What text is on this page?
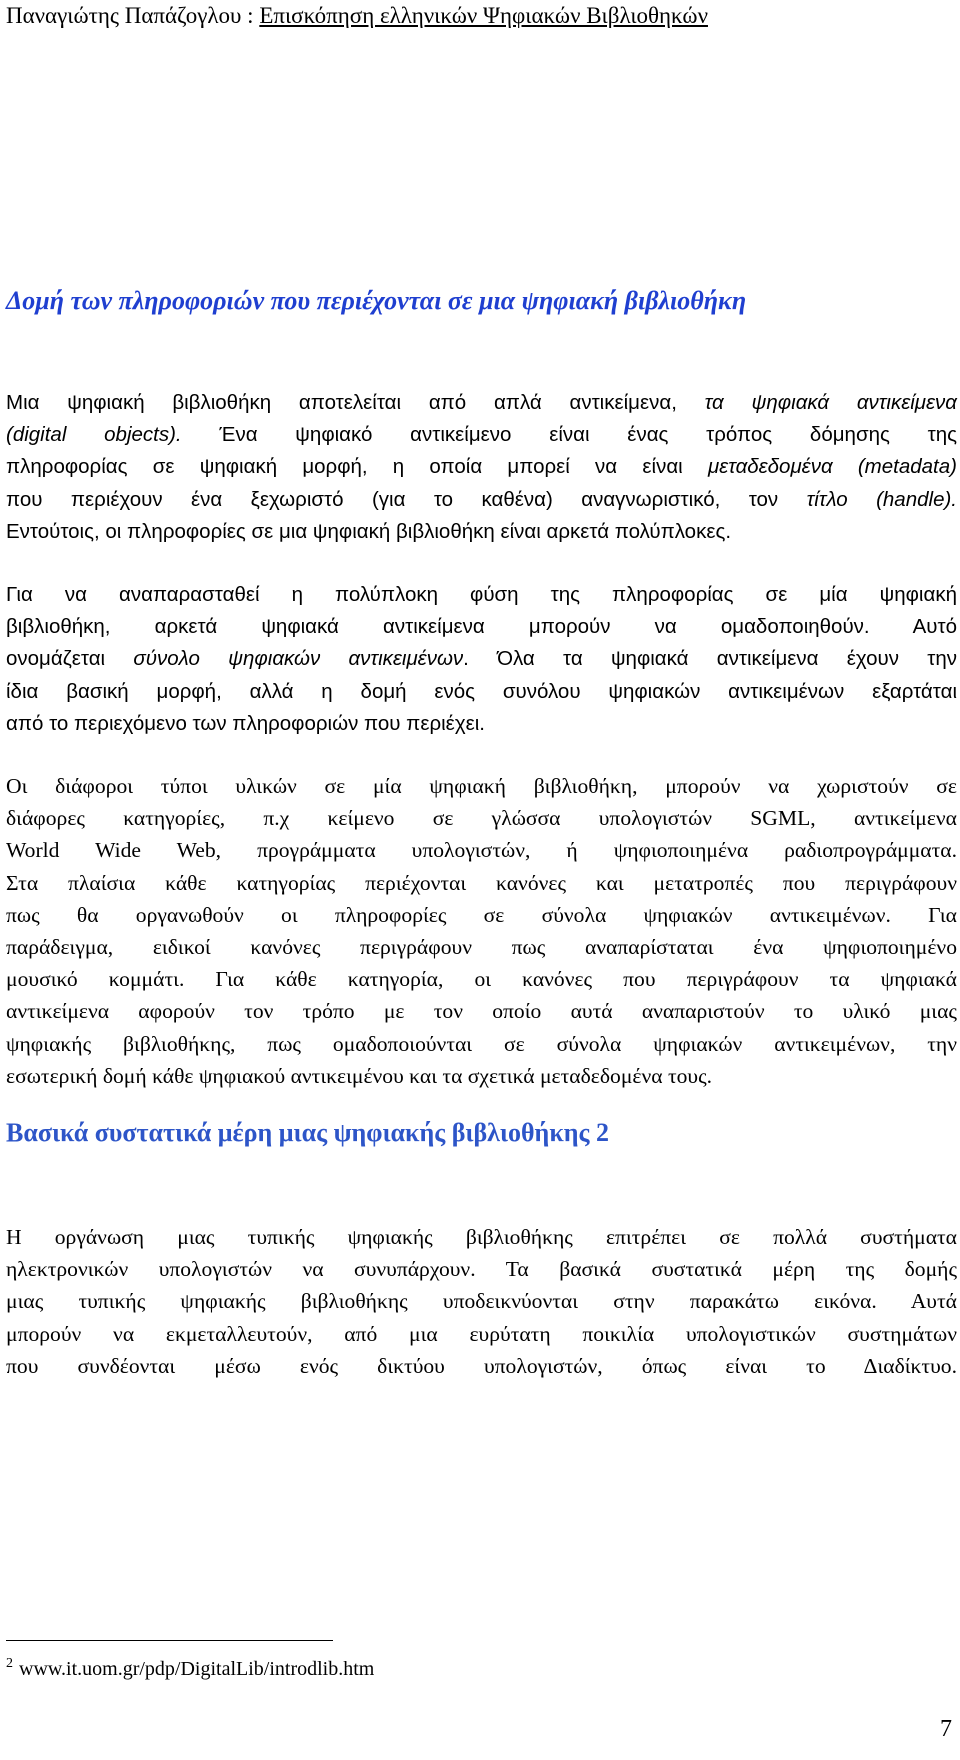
Παναγιώτης Παπάζογλου : Επισκόπηση ελληνικών Ψηφιακών Βιβλιοθηκών
Δομή των πληροφοριών που περιέχονται σε μια ψηφιακή βιβλιοθήκη
Μια ψηφιακή βιβλιοθήκη αποτελείται από απλά αντικείμενα, τα ψηφιακά αντικείμενα
(digital objects). Ένα ψηφιακό αντικείμενο είναι ένας τρόπος δόμησης της
πληροφορίας σε ψηφιακή μορφή, η οποία μπορεί να είναι μεταδεδομένα (metadata)
που περιέχουν ένα ξεχωριστό (για το καθένα) αναγνωριστικό, τον τίτλο (handle).
Εντούτοις, οι πληροφορίες σε μια ψηφιακή βιβλιοθήκη είναι αρκετά πολύπλοκες.
Για να αναπαρασταθεί η πολύπλοκη φύση της πληροφορίας σε μία ψηφιακή
βιβλιοθήκη, αρκετά ψηφιακά αντικείμενα μπορούν να ομαδοποιηθούν. Αυτό
ονομάζεται σύνολο ψηφιακών αντικειμένων. Όλα τα ψηφιακά αντικείμενα έχουν την
ίδια βασική μορφή, αλλά η δομή ενός συνόλου ψηφιακών αντικειμένων εξαρτάται
από το περιεχόμενο των πληροφοριών που περιέχει.
Οι διάφοροι τύποι υλικών σε μία ψηφιακή βιβλιοθήκη, μπορούν να χωριστούν σε
διάφορες κατηγορίες, π.χ κείμενο σε γλώσσα υπολογιστών SGML, αντικείμενα
World Wide Web, προγράμματα υπολογιστών, ή ψηφιοποιημένα ραδιοπρογράμματα.
Στα πλαίσια κάθε κατηγορίας περιέχονται κανόνες και μετατροπές που περιγράφουν
πως θα οργανωθούν οι πληροφορίες σε σύνολα ψηφιακών αντικειμένων. Για
παράδειγμα, ειδικοί κανόνες περιγράφουν πως αναπαρίσταται ένα ψηφιοποιημένο
μουσικό κομμάτι. Για κάθε κατηγορία, οι κανόνες που περιγράφουν τα ψηφιακά
αντικείμενα αφορούν τον τρόπο με τον οποίο αυτά αναπαριστούν το υλικό μιας
ψηφιακής βιβλιοθήκης, πως ομαδοποιούνται σε σύνολα ψηφιακών αντικειμένων, την
εσωτερική δομή κάθε ψηφιακού αντικειμένου και τα σχετικά μεταδεδομένα τους.
Βασικά συστατικά μέρη μιας ψηφιακής βιβλιοθήκης 2
Η οργάνωση μιας τυπικής ψηφιακής βιβλιοθήκης επιτρέπει σε πολλά συστήματα
ηλεκτρονικών υπολογιστών να συνυπάρχουν. Τα βασικά συστατικά μέρη της δομής
μιας τυπικής ψηφιακής βιβλιοθήκης υποδεικνύονται στην παρακάτω εικόνα. Αυτά
μπορούν να εκμεταλλευτούν, από μια ευρύτατη ποικιλία υπολογιστικών συστημάτων
που συνδέονται μέσω ενός δικτύου υπολογιστών, όπως είναι το Διαδίκτυο.
$^2$ www.it.uom.gr/pdp/DigitalLib/introdlib.htm
7
